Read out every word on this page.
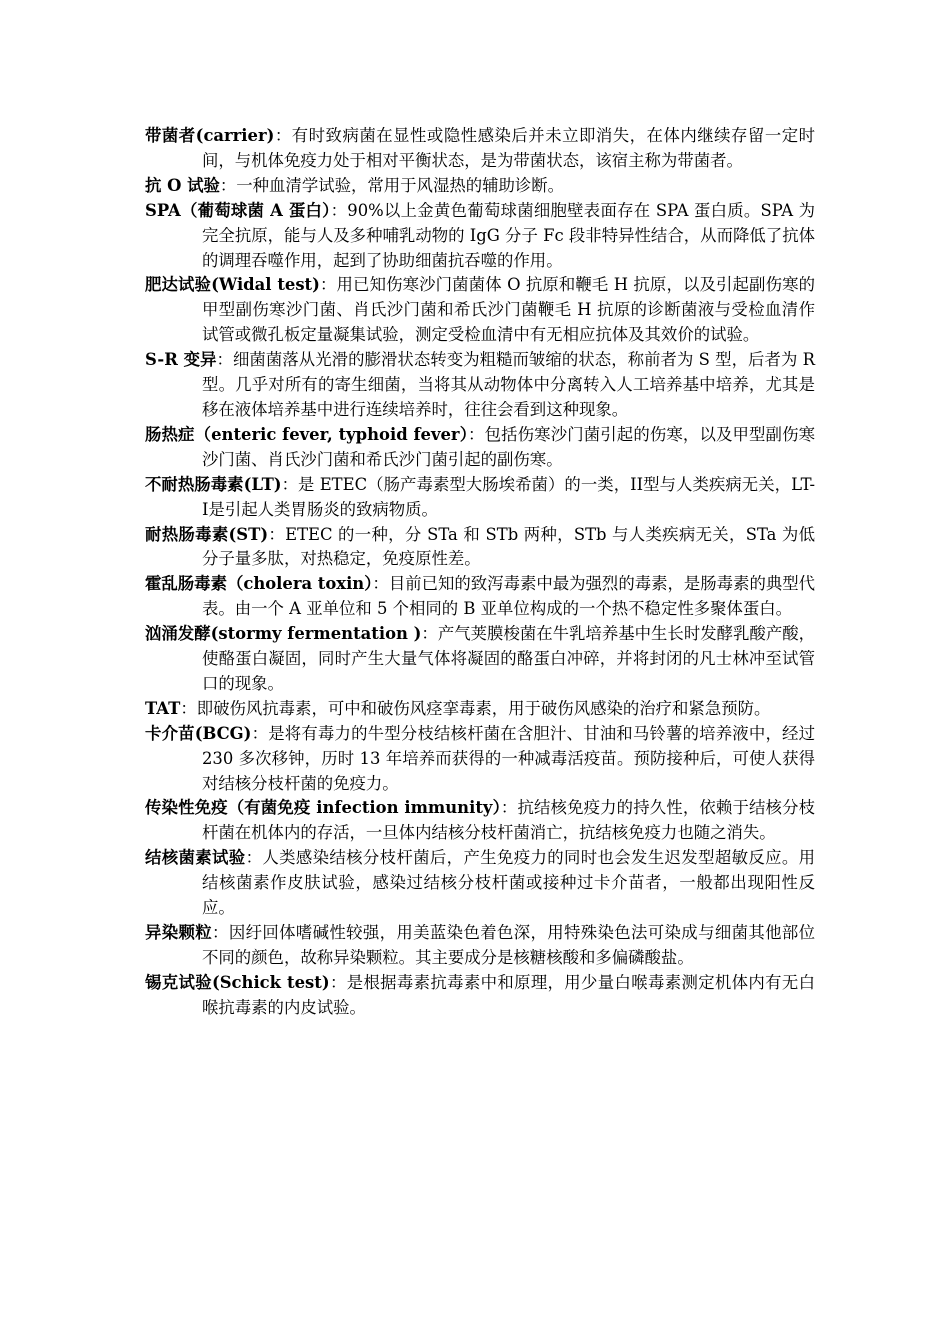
带菌者(carrier)：有时致病菌在显性或隐性感染后并未立即消失，在体内继续存留一定时间，与机体免疫力处于相对平衡状态，是为带菌状态，该宿主称为带菌者。

抗 O 试验：一种血清学试验，常用于风湿热的辅助诊断。

SPA（葡萄球菌 A 蛋白）：90%以上金黄色葡萄球菌细胞壁表面存在 SPA 蛋白质。SPA 为完全抗原，能与人及多种哺乳动物的 IgG 分子 Fc 段非特异性结合，从而降低了抗体的调理吞噬作用，起到了协助细菌抗吞噬的作用。

肥达试验(Widal test)：用已知伤寒沙门菌菌体 O 抗原和鞭毛 H 抗原，以及引起副伤寒的甲型副伤寒沙门菌、肖氏沙门菌和希氏沙门菌鞭毛 H 抗原的诊断菌液与受检血清作试管或微孔板定量凝集试验，测定受检血清中有无相应抗体及其效价的试验。

S-R 变异：细菌菌落从光滑的膨滑状态转变为粗糙而皱缩的状态，称前者为 S 型，后者为 R 型。几乎对所有的寄生细菌，当将其从动物体中分离转入人工培养基中培养，尤其是移在液体培养基中进行连续培养时，往往会看到这种现象。

肠热症（enteric fever, typhoid fever）：包括伤寒沙门菌引起的伤寒，以及甲型副伤寒沙门菌、肖氏沙门菌和希氏沙门菌引起的副伤寒。

不耐热肠毒素(LT)：是 ETEC（肠产毒素型大肠埃希菌）的一类，II型与人类疾病无关，LT-I是引起人类胃肠炎的致病物质。

耐热肠毒素(ST)：ETEC 的一种，分 STa 和 STb 两种，STb 与人类疾病无关，STa 为低分子量多肽，对热稳定，免疫原性差。

霍乱肠毒素（cholera toxin）：目前已知的致泻毒素中最为强烈的毒素，是肠毒素的典型代表。由一个 A 亚单位和 5 个相同的 B 亚单位构成的一个热不稳定性多聚体蛋白。

汹涌发酵(stormy fermentation )：产气荚膜梭菌在牛乳培养基中生长时发酵乳酸产酸，使酪蛋白凝固，同时产生大量气体将凝固的酪蛋白冲碎，并将封闭的凡士林冲至试管口的现象。

TAT：即破伤风抗毒素，可中和破伤风痉挛毒素，用于破伤风感染的治疗和紧急预防。

卡介苗(BCG)：是将有毒力的牛型分枝结核杆菌在含胆汁、甘油和马铃薯的培养液中，经过 230 多次移钟，历时 13 年培养而获得的一种减毒活疫苗。预防接种后，可使人获得对结核分枝杆菌的免疫力。

传染性免疫（有菌免疫 infection immunity）：抗结核免疫力的持久性，依赖于结核分枝杆菌在机体内的存活，一旦体内结核分枝杆菌消亡，抗结核免疫力也随之消失。

结核菌素试验：人类感染结核分枝杆菌后，产生免疫力的同时也会发生迟发型超敏反应。用结核菌素作皮肤试验，感染过结核分枝杆菌或接种过卡介苗者，一般都出现阳性反应。

异染颗粒：因纡回体嗜碱性较强，用美蓝染色着色深，用特殊染色法可染成与细菌其他部位不同的颜色，故称异染颗粒。其主要成分是核糖核酸和多偏磷酸盐。

锡克试验(Schick test)：是根据毒素抗毒素中和原理，用少量白喉毒素测定机体内有无白喉抗毒素的内皮试验。
